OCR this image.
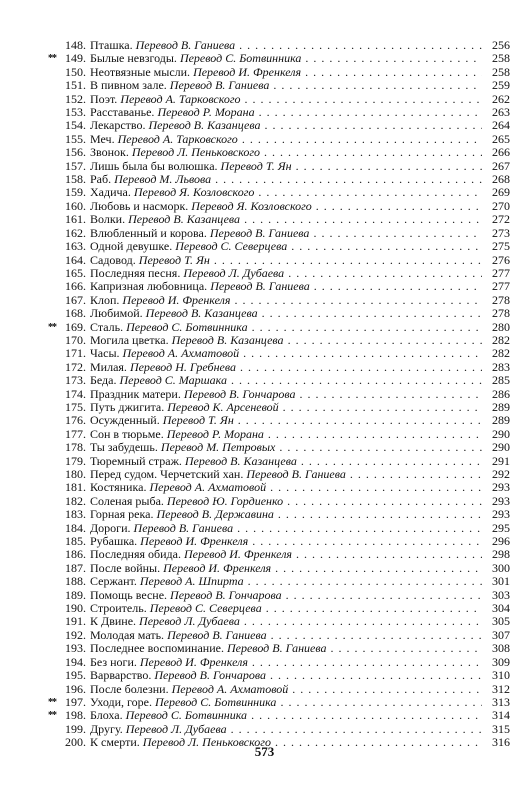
148. Пташка. Перевод В. Ганиева . . .	256
** 149. Былые невзгоды. Перевод С. Ботвинника . . .	258
150. Неотвязные мысли. Перевод И. Френкеля . . .	258
151. В пивном зале. Перевод В. Ганиева . . .	259
152. Поэт. Перевод А. Тарковского . . .	262
153. Расставанье. Перевод Р. Морана . . .	263
154. Лекарство. Перевод В. Казанцева . . .	264
155. Меч. Перевод А. Тарковского . . .	265
156. Звонок. Перевод Л. Пеньковского . . .	266
157. Лишь была бы волюшка. Перевод Т. Ян . . .	267
158. Раб. Перевод М. Львова . . .	268
159. Хадича. Перевод Я. Козловского . . .	269
160. Любовь и насморк. Перевод Я. Козловского . . .	270
161. Волки. Перевод В. Казанцева . . .	272
162. Влюбленный и корова. Перевод В. Ганиева . . .	273
163. Одной девушке. Перевод С. Северцева . . .	275
164. Садовод. Перевод Т. Ян . . .	276
165. Последняя песня. Перевод Л. Дубаева . . .	277
166. Капризная любовница. Перевод В. Ганиева . . .	277
167. Клоп. Перевод И. Френкеля . . .	278
168. Любимой. Перевод В. Казанцева . . .	278
** 169. Сталь. Перевод С. Ботвинника . . .	280
170. Могила цветка. Перевод В. Казанцева . . .	282
171. Часы. Перевод А. Ахматовой . . .	282
172. Милая. Перевод Н. Гребнева . . .	283
173. Беда. Перевод С. Маршака . . .	285
174. Праздник матери. Перевод В. Гончарова . . .	286
175. Путь джигита. Перевод К. Арсеневой . . .	289
176. Осужденный. Перевод Т. Ян . . .	289
177. Сон в тюрьме. Перевод Р. Морана . . .	290
178. Ты забудешь. Перевод М. Петровых . . .	290
179. Тюремный страж. Перевод В. Казанцева . . .	291
180. Перед судом. Черчетский хан. Перевод В. Ганиева . . .	292
181. Костяника. Перевод А. Ахматовой . . .	293
182. Соленая рыба. Перевод Ю. Гордиенко . . .	293
183. Горная река. Перевод В. Державина . . .	293
184. Дороги. Перевод В. Ганиева . . .	295
185. Рубашка. Перевод И. Френкеля . . .	296
186. Последняя обида. Перевод И. Френкеля . . .	298
187. После войны. Перевод И. Френкеля . . .	300
188. Сержант. Перевод А. Шпирта . . .	301
189. Помощь весне. Перевод В. Гончарова . . .	303
190. Строитель. Перевод С. Северцева . . .	304
191. К Двине. Перевод Л. Дубаева . . .	305
192. Молодая мать. Перевод В. Ганиева . . .	307
193. Последнее воспоминание. Перевод В. Ганиева . . .	308
194. Без ноги. Перевод И. Френкеля . . .	309
195. Варварство. Перевод В. Гончарова . . .	310
196. После болезни. Перевод А. Ахматовой . . .	312
** 197. Уходи, горе. Перевод С. Ботвинника . . .	313
** 198. Блоха. Перевод С. Ботвинника . . .	314
199. Другу. Перевод Л. Дубаева . . .	315
200. К смерти. Перевод Л. Пеньковского . . .	316
573
